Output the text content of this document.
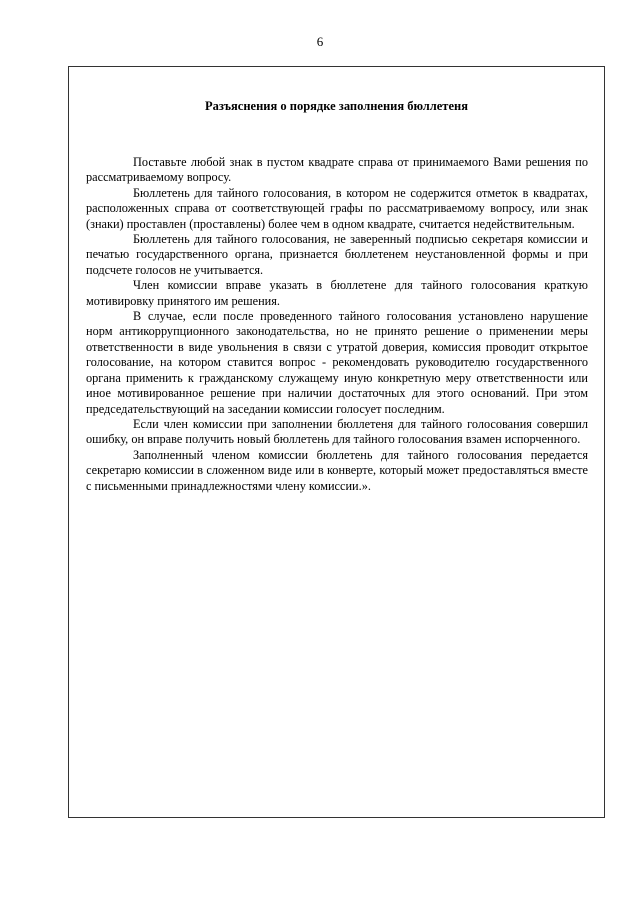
6
Разъяснения о порядке заполнения бюллетеня

Поставьте любой знак в пустом квадрате справа от принимаемого Вами решения по рассматриваемому вопросу.

Бюллетень для тайного голосования, в котором не содержится отметок в квадратах, расположенных справа от соответствующей графы по рассматриваемому вопросу, или знак (знаки) проставлен (проставлены) более чем в одном квадрате, считается недействительным.

Бюллетень для тайного голосования, не заверенный подписью секретаря комиссии и печатью государственного органа, признается бюллетенем неустановленной формы и при подсчете голосов не учитывается.

Член комиссии вправе указать в бюллетене для тайного голосования краткую мотивировку принятого им решения.

В случае, если после проведенного тайного голосования установлено нарушение норм антикоррупционного законодательства, но не принято решение о применении меры ответственности в виде увольнения в связи с утратой доверия, комиссия проводит открытое голосование, на котором ставится вопрос - рекомендовать руководителю государственного органа применить к гражданскому служащему иную конкретную меру ответственности или иное мотивированное решение при наличии достаточных для этого оснований. При этом председательствующий на заседании комиссии голосует последним.

Если член комиссии при заполнении бюллетеня для тайного голосования совершил ошибку, он вправе получить новый бюллетень для тайного голосования взамен испорченного.

Заполненный членом комиссии бюллетень для тайного голосования передается секретарю комиссии в сложенном виде или в конверте, который может предоставляться вместе с письменными принадлежностями члену комиссии.».
